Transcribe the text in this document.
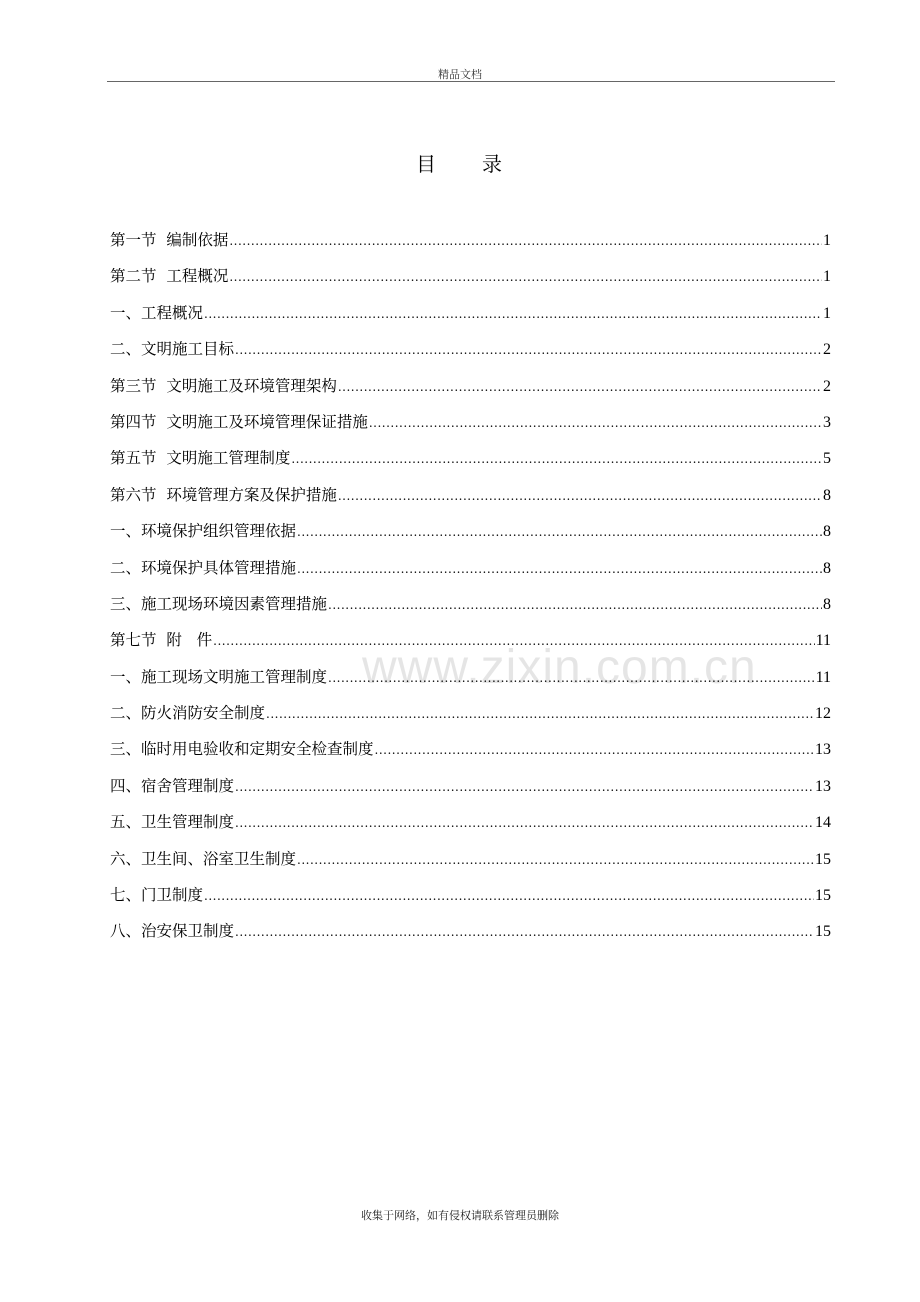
精品文档
目 录
第一节  编制依据 .....	1
第二节  工程概况 .....	1
一、工程概况 .....	1
二、文明施工目标 .....	2
第三节  文明施工及环境管理架构 .....	2
第四节  文明施工及环境管理保证措施 .....	3
第五节  文明施工管理制度 .....	5
第六节  环境管理方案及保护措施 .....	8
一、环境保护组织管理依据 .....	8
二、环境保护具体管理措施 .....	8
三、施工现场环境因素管理措施 .....	8
第七节  附   件 .....	11
一、施工现场文明施工管理制度 .....	11
二、防火消防安全制度 .....	12
三、临时用电验收和定期安全检查制度 .....	13
四、宿舍管理制度 .....	13
五、卫生管理制度 .....	14
六、卫生间、浴室卫生制度 .....	15
七、门卫制度 .....	15
八、治安保卫制度 .....	15
www.zixin.com.cn
收集于网络，如有侵权请联系管理员删除
